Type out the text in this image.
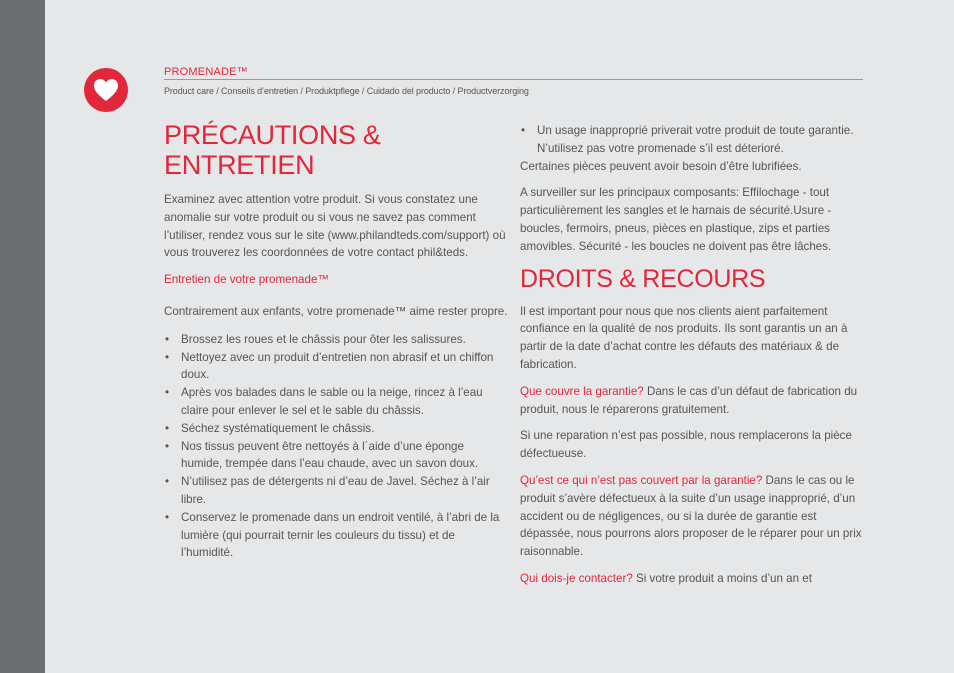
PROMENADE™
Product care / Conseils d’entretien / Produktpflege / Cuidado del producto / Productverzorging
PRÉCAUTIONS &
ENTRETIEN

Examinez avec attention votre produit. Si vous constatez une anomalie sur votre produit ou si vous ne savez pas comment l’utiliser, rendez vous sur le site (www.philandteds.com/support) où vous trouverez les coordonnées de votre contact phil&teds.

Entretien de votre promenade™

Contrairement aux enfants, votre promenade™ aime rester propre.

• Brossez les roues et le châssis pour ôter les salissures.
• Nettoyez avec un produit d’entretien non abrasif et un chiffon doux.
• Après vos balades dans le sable ou la neige, rincez à l’eau claire pour enlever le sel et le sable du châssis.
• Séchez systématiquement le châssis.
• Nos tissus peuvent être nettoyés à l´aide d’une éponge humide, trempée dans l’eau chaude, avec un savon doux.
• N’utilisez pas de détergents ni d’eau de Javel. Séchez à l’air libre.
• Conservez le promenade dans un endroit ventilé, à l’abri de la lumière (qui pourrait ternir les couleurs du tissu) et de l’humidité.
• Un usage inapproprié priverait votre produit de toute garantie. N’utilisez pas votre promenade s’il est déterioré.

Certaines pièces peuvent avoir besoin d’être lubrifiées.

A surveiller sur les principaux composants: Effilochage - tout particulièrement les sangles et le harnais de sécurité.Usure - boucles, fermoirs, pneus, pièces en plastique, zips et parties amovibles. Sécurité - les boucles ne doivent pas être lâches.

DROITS & RECOURS

Il est important pour nous que nos clients aient parfaitement confiance en la qualité de nos produits. Ils sont garantis un an à partir de la date d’achat contre les défauts des matériaux & de fabrication.

Que couvre la garantie? Dans le cas d’un défaut de fabrication du produit, nous le réparerons gratuitement.

Si une reparation n’est pas possible, nous remplacerons la pièce défectueuse.

Qu’est ce qui n’est pas couvert par la garantie? Dans le cas ou le produit s’avère défectueux à la suite d’un usage inapproprié, d’un accident ou de négligences, ou si la durée de garantie est dépassée, nous pourrons alors proposer de le réparer pour un prix raisonnable.

Qui dois-je contacter? Si votre produit a moins d’un an et
